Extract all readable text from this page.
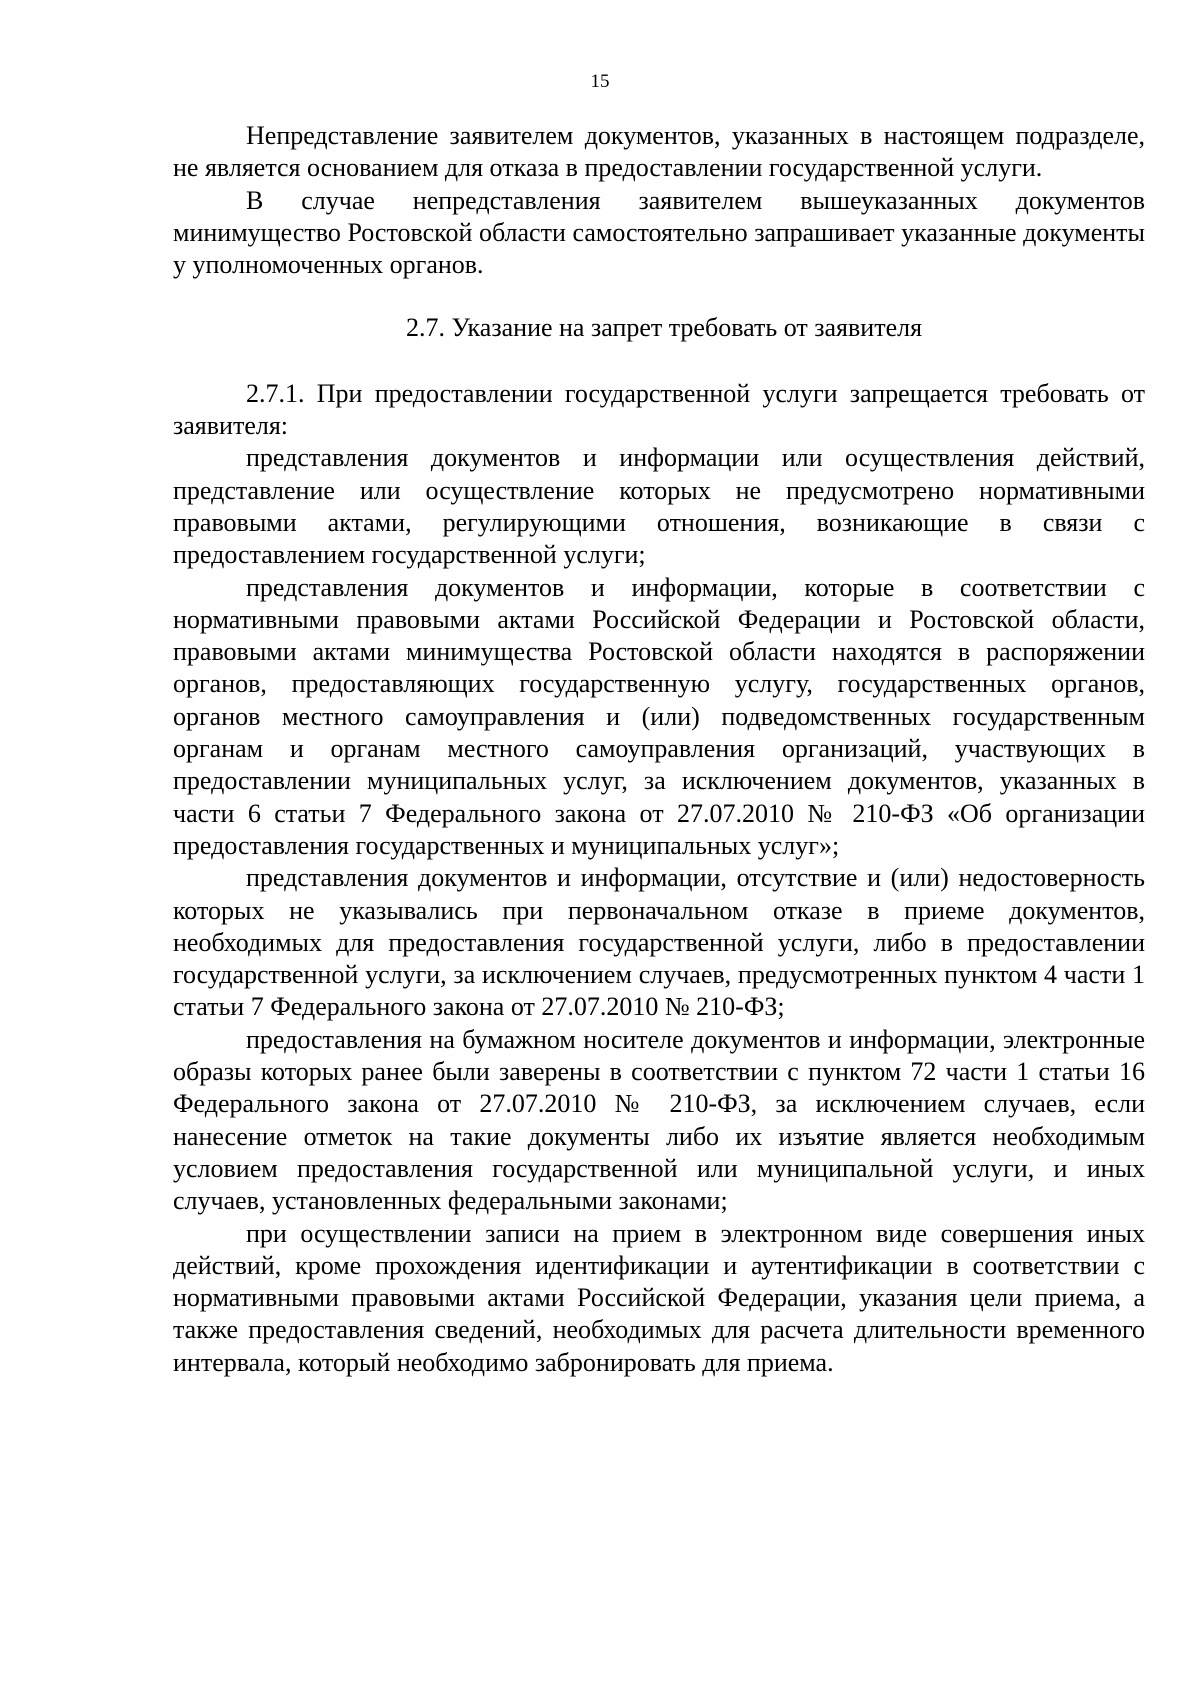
15

Непредставление заявителем документов, указанных в настоящем подразделе, не является основанием для отказа в предоставлении государственной услуги.

В случае непредставления заявителем вышеуказанных документов минимущество Ростовской области самостоятельно запрашивает указанные документы у уполномоченных органов.

2.7. Указание на запрет требовать от заявителя

2.7.1. При предоставлении государственной услуги запрещается требовать от заявителя:

представления документов и информации или осуществления действий, представление или осуществление которых не предусмотрено нормативными правовыми актами, регулирующими отношения, возникающие в связи с предоставлением государственной услуги;

представления документов и информации, которые в соответствии с нормативными правовыми актами Российской Федерации и Ростовской области, правовыми актами минимущества Ростовской области находятся в распоряжении органов, предоставляющих государственную услугу, государственных органов, органов местного самоуправления и (или) подведомственных государственным органам и органам местного самоуправления организаций, участвующих в предоставлении муниципальных услуг, за исключением документов, указанных в части 6 статьи 7 Федерального закона от 27.07.2010 № 210-ФЗ «Об организации предоставления государственных и муниципальных услуг»;

представления документов и информации, отсутствие и (или) недостоверность которых не указывались при первоначальном отказе в приеме документов, необходимых для предоставления государственной услуги, либо в предоставлении государственной услуги, за исключением случаев, предусмотренных пунктом 4 части 1 статьи 7 Федерального закона от 27.07.2010 № 210-ФЗ;

предоставления на бумажном носителе документов и информации, электронные образы которых ранее были заверены в соответствии с пунктом 72 части 1 статьи 16 Федерального закона от 27.07.2010 № 210-ФЗ, за исключением случаев, если нанесение отметок на такие документы либо их изъятие является необходимым условием предоставления государственной или муниципальной услуги, и иных случаев, установленных федеральными законами;

при осуществлении записи на прием в электронном виде совершения иных действий, кроме прохождения идентификации и аутентификации в соответствии с нормативными правовыми актами Российской Федерации, указания цели приема, а также предоставления сведений, необходимых для расчета длительности временного интервала, который необходимо забронировать для приема.
